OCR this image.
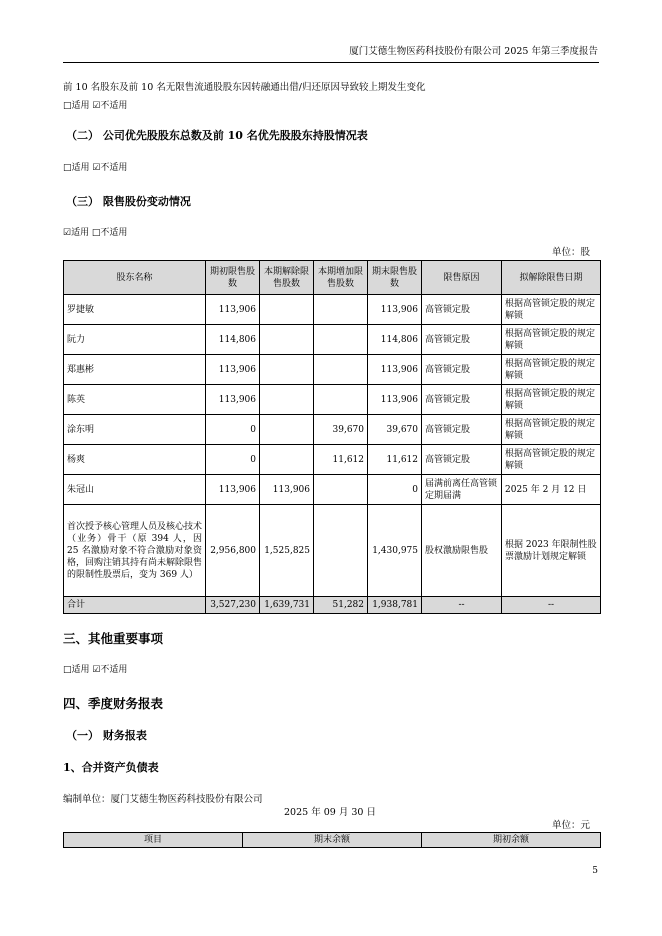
厦门艾德生物医药科技股份有限公司 2025 年第三季度报告
前 10 名股东及前 10 名无限售流通股股东因转融通出借/归还原因导致较上期发生变化
□适用 ☑不适用
（二） 公司优先股股东总数及前 10 名优先股股东持股情况表
□适用 ☑不适用
（三） 限售股份变动情况
☑适用 □不适用
单位：股
股东名称	期初限售股数	本期解除限售股数	本期增加限售股数	期末限售股数	限售原因	拟解除限售日期
罗捷敏	113,906			113,906	高管锁定股	根据高管锁定股的规定解锁
阮力	114,806			114,806	高管锁定股	根据高管锁定股的规定解锁
郑惠彬	113,906			113,906	高管锁定股	根据高管锁定股的规定解锁
陈英	113,906			113,906	高管锁定股	根据高管锁定股的规定解锁
涂东明	0		39,670	39,670	高管锁定股	根据高管锁定股的规定解锁
杨爽	0		11,612	11,612	高管锁定股	根据高管锁定股的规定解锁
朱冠山	113,906	113,906		0	届满前离任高管锁定期届满	2025 年 2 月 12 日
首次授予核心管理人员及核心技术（业务）骨干（原 394 人，因 25 名激励对象不符合激励对象资格，回购注销其持有尚未解除限售的限制性股票后，变为 369 人）	2,956,800	1,525,825		1,430,975	股权激励限售股	根据 2023 年限制性股票激励计划规定解锁
合计	3,527,230	1,639,731	51,282	1,938,781	--	--
三、其他重要事项
□适用 ☑不适用
四、季度财务报表
（一） 财务报表
1、合并资产负债表
编制单位：厦门艾德生物医药科技股份有限公司
2025 年 09 月 30 日
单位：元
项目	期末余额	期初余额
5
